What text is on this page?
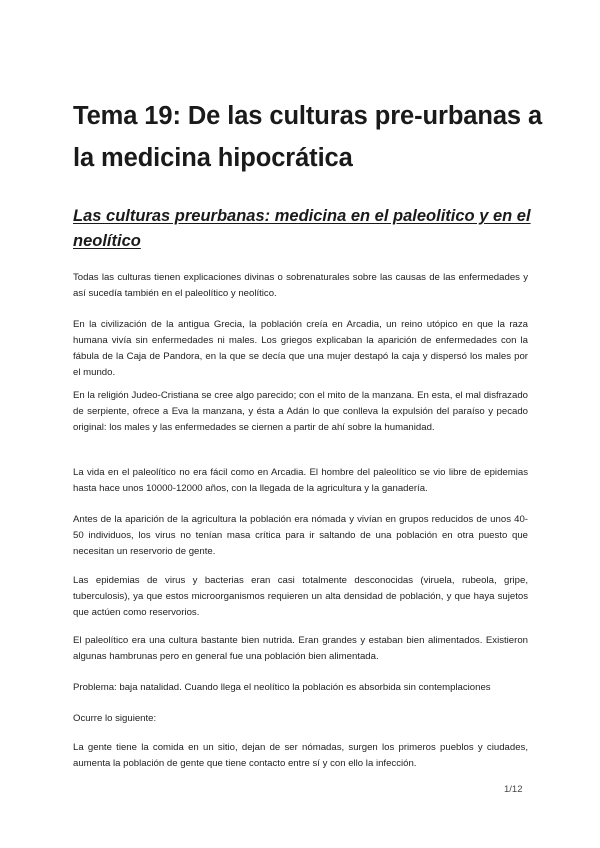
Tema 19: De las culturas pre-urbanas a la medicina hipocrática
Las culturas preurbanas: medicina en el paleolitico y en el neolítico

Todas las culturas tienen explicaciones divinas o sobrenaturales sobre las causas de las enfermedades y así sucedía también en el paleolítico y neolítico.

En la civilización de la antigua Grecia, la población creía en Arcadia, un reino utópico en que la raza humana vivía sin enfermedades ni males. Los griegos explicaban la aparición de enfermedades con la fábula de la Caja de Pandora, en la que se decía que una mujer destapó la caja y dispersó los males por el mundo.

En la religión Judeo-Cristiana se cree algo parecido; con el mito de la manzana. En esta, el mal disfrazado de serpiente, ofrece a Eva la manzana, y ésta a Adán lo que conlleva la expulsión del paraíso y pecado original: los males y las enfermedades se ciernen a partir de ahí sobre la humanidad.

La vida en el paleolítico no era fácil como en Arcadia. El hombre del paleolítico se vio libre de epidemias hasta hace unos 10000-12000 años, con la llegada de la agricultura y la ganadería.

Antes de la aparición de la agricultura la población era nómada y vivían en grupos reducidos de unos 40-50 individuos, los virus no tenían masa crítica para ir saltando de una población en otra puesto que necesitan un reservorio de gente.

Las epidemias de virus y bacterias eran casi totalmente desconocidas (viruela, rubeola, gripe, tuberculosis), ya que estos microorganismos requieren un alta densidad de población, y que haya sujetos que actúen como reservorios.

El paleolítico era una cultura bastante bien nutrida. Eran grandes y estaban bien alimentados. Existieron algunas hambrunas pero en general fue una población bien alimentada.

Problema: baja natalidad. Cuando llega el neolítico la población es absorbida sin contemplaciones

Ocurre lo siguiente:

La gente tiene la comida en un sitio, dejan de ser nómadas, surgen los primeros pueblos y ciudades, aumenta la población de gente que tiene contacto entre sí y con ello la infección.

1/12
